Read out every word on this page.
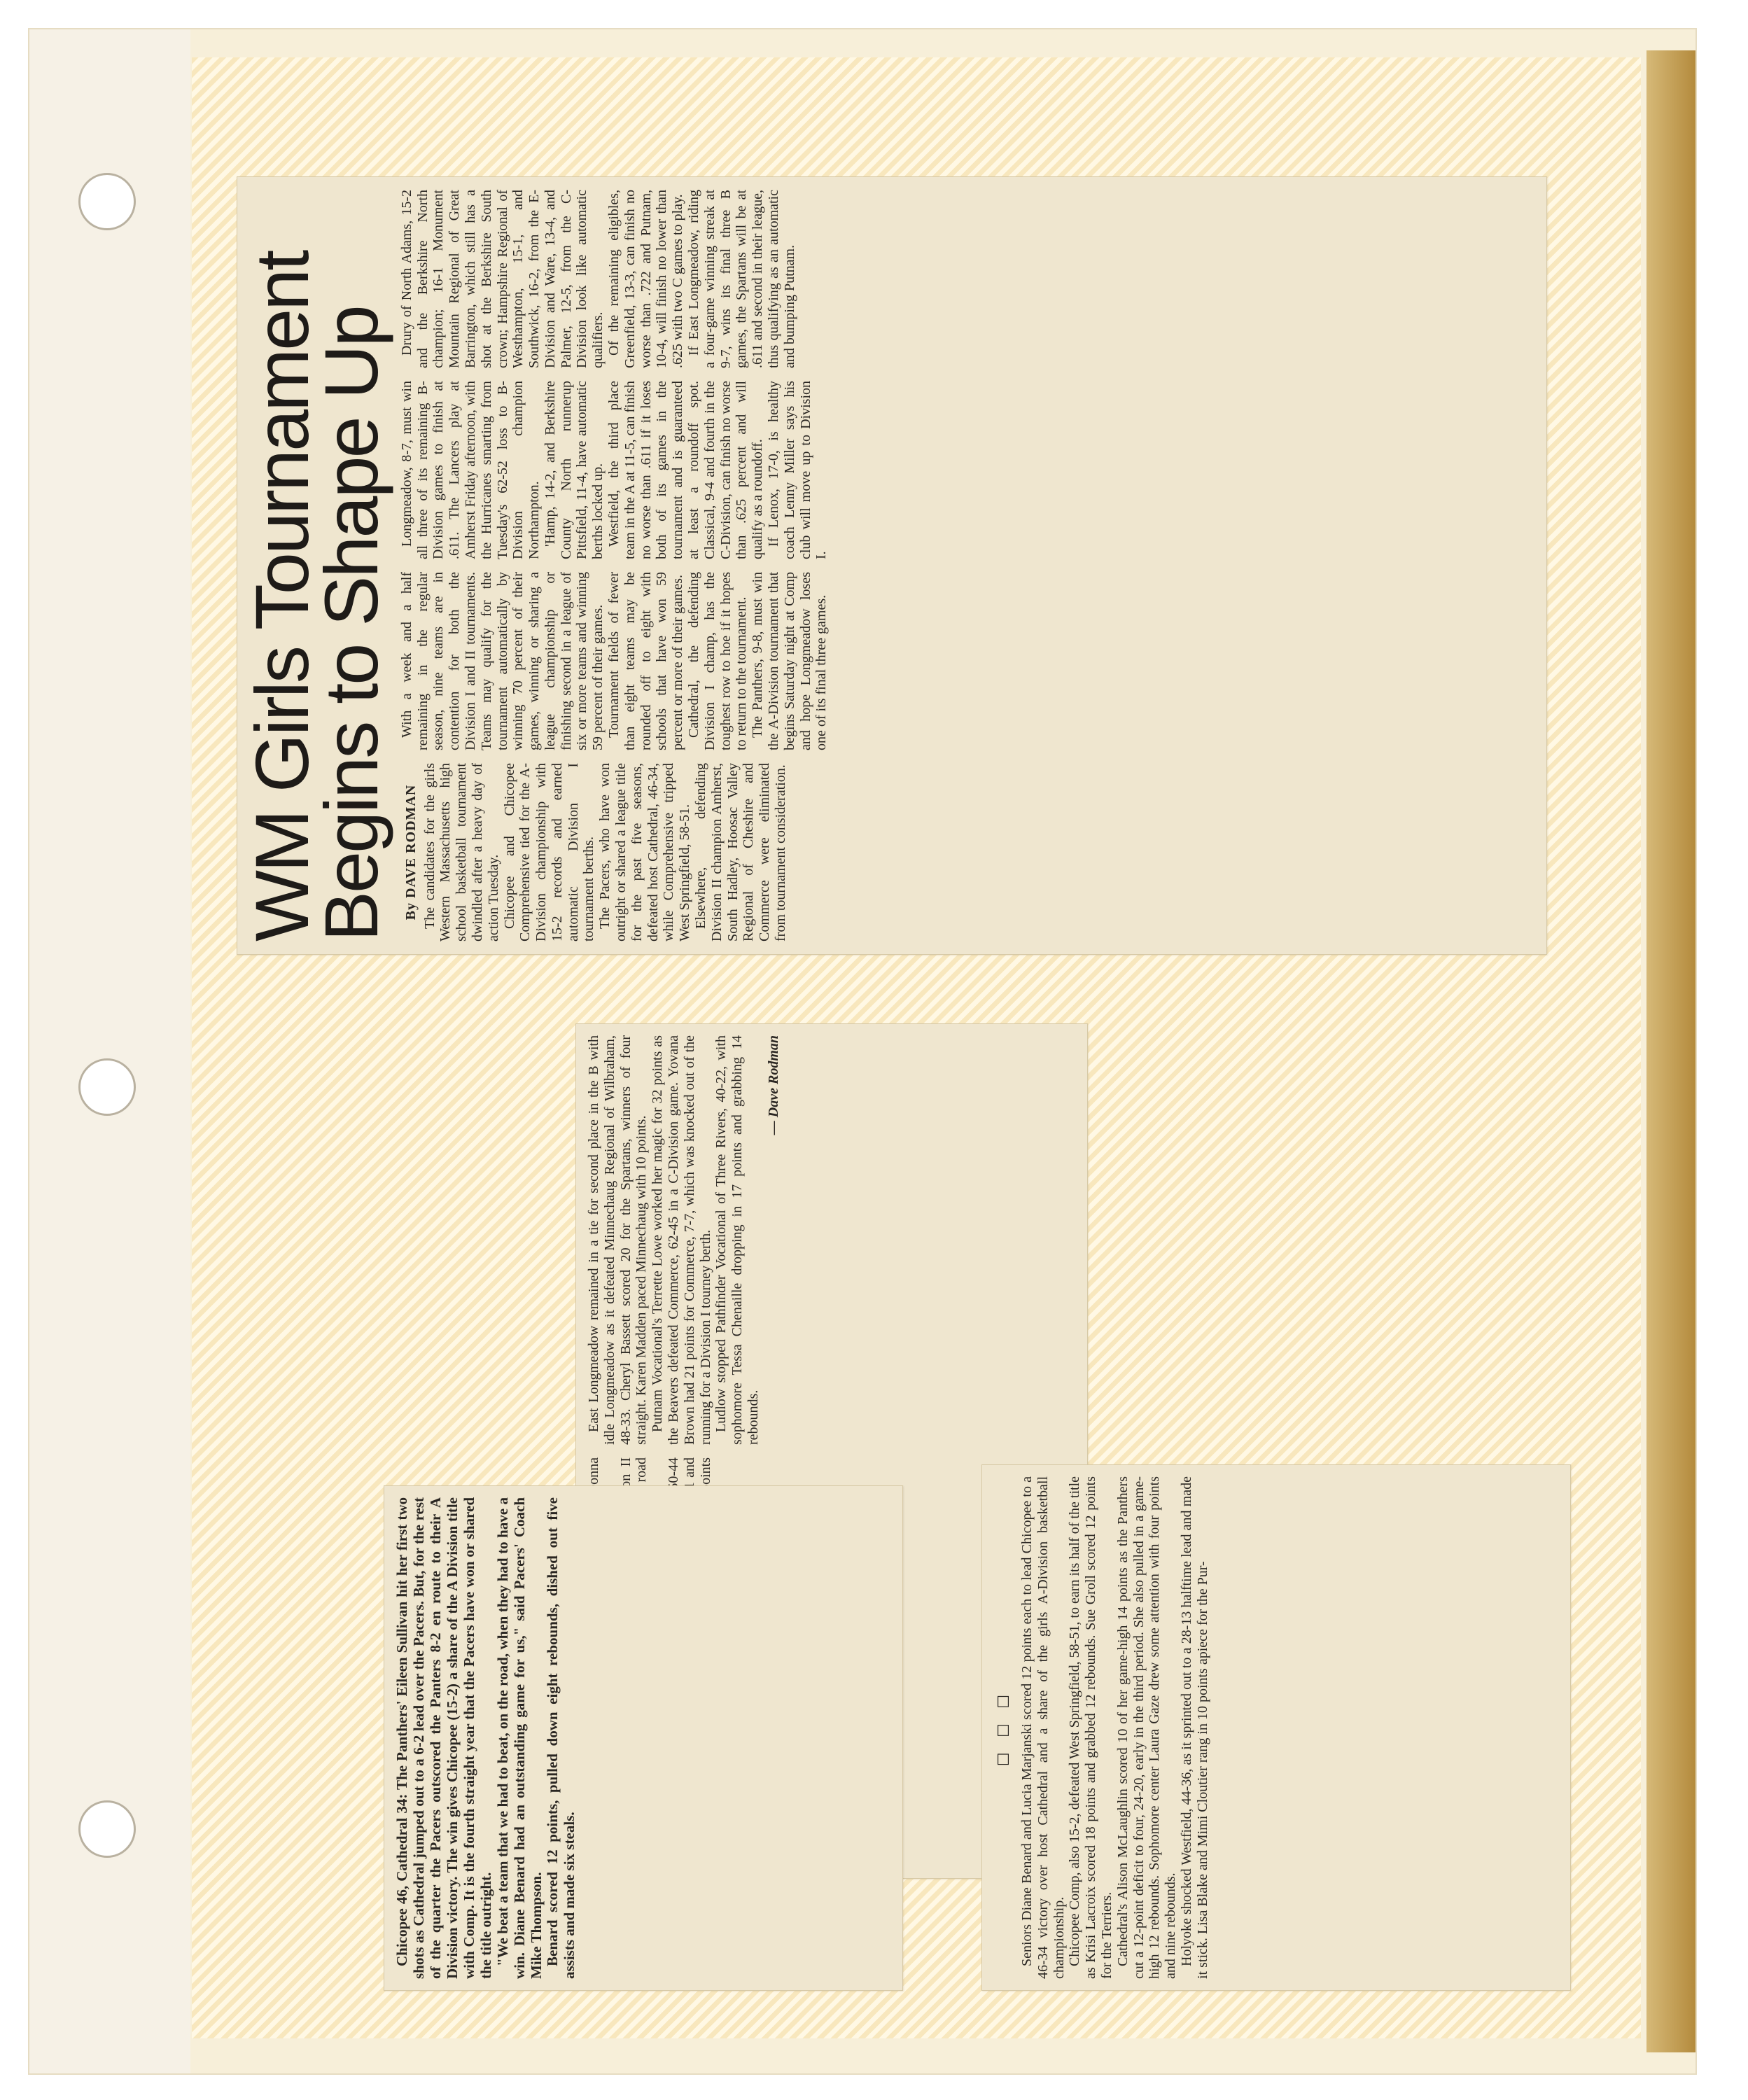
WM Girls Tournament
Begins to Shape Up By DAVE RODMAN The candidates for the girls Western Massachusetts high school basketball tournament dwindled after a heavy day of action Tuesday. Chicopee and Chicopee Comprehensive tied for the A-Division championship with 15-2 records and earned automatic Division I tournament berths. The Pacers, who have won outright or shared a league title for the past five seasons, defeated host Cathedral, 46-34, while Comprehensive tripped West Springfield, 58-51. Elsewhere, defending Division II champion Amherst, South Hadley, Hoosac Valley Regional of Cheshire and Commerce were eliminated from tournament consideration.

With a week and a half remaining in the regular season, nine teams are in contention for both the Division I and II tournaments. Teams may qualify for the tournament automatically by winning 70 percent of their games, winning or sharing a league championship or finishing second in a league of six or more teams and winning 59 percent of their games. Tournament fields of fewer than eight teams may be rounded off to eight with schools that have won 59 percent or more of their games. Cathedral, the defending Division I champ, has the toughest row to hoe if it hopes to return to the tournament. The Panthers, 9-8, must win the A-Division tournament that begins Saturday night at Comp and hope Longmeadow loses one of its final three games.

Longmeadow, 8-7, must win all three of its remaining B-Division games to finish at .611. The Lancers play at Amherst Friday afternoon, with the Hurricanes smarting from Tuesday's 62-52 loss to B-Division champion Northampton. 'Hamp, 14-2, and Berkshire County North runnerup Pittsfield, 11-4, have automatic berths locked up. Westfield, the third place team in the A at 11-5, can finish no worse than .611 if it loses both of its games in the tournament and is guaranteed at least a roundoff spot. Classical, 9-4 and fourth in the C-Division, can finish no worse than .625 percent and will qualify as a roundoff. If Lenox, 17-0, is healthy coach Lenny Miller says his club will move up to Division I.

Drury of North Adams, 15-2 and the Berkshire North champion; 16-1 Monument Mountain Regional of Great Barrington, which still has a shot at the Berkshire South crown; Hampshire Regional of Westhampton, 15-1, and Southwick, 16-2, from the E-Division and Ware, 13-4, and Palmer, 12-5, from the C-Division look like automatic qualifiers. Of the remaining eligibles, Greenfield, 13-3, can finish no worse than .722 and Putnam, 10-4, will finish no lower than .625 with two C games to play. If East Longmeadow, riding a four-game winning streak at 9-7, wins its final three B games, the Spartans will be at .611 and second in their league, thus qualifying as an automatic and bumping Putnam.

East Longmeadow remained in a tie for second place in the B with idle Longmeadow as it defeated Minnechaug Regional of Wilbraham, 48-33. Cheryl Bassett scored 20 for the Spartans, winners of four straight. Karen Madden paced Minnechaug with 10 points. Putnam Vocational's Terrette Lowe worked her magic for 32 points as the Beavers defeated Commerce, 62-45 in a C-Division game. Yovana Brown had 21 points for Commerce, 7-7, which was knocked out of the running for a Division I tourney berth. Ludlow stopped Pathfinder Vocational of Three Rivers, 40-22, with sophomore Tessa Chenaille dropping in 17 points and grabbing 14 rebounds.

— Dave Rodman

Chicopee 46, Cathedral 34: The Panthers' Eileen Sullivan hit her first two shots as Cathedral jumped out to a 6-2 lead over the Pacers. But, for the rest of the quarter the Pacers outscored the Panters 8-2 en route to their A Division victory. The win gives Chicopee (15-2) a share of the A Division title with Comp. It is the fourth straight year that the Pacers have won or shared the title outright. "We beat a team that we had to beat, on the road, when they had to have a win. Diane Benard had an outstanding game for us," said Pacers' Coach Mike Thompson. Benard scored 12 points, pulled down eight rebounds, dished out five assists and made six steals.

☐ ☐ ☐ Seniors Diane Benard and Lucia Marjanski scored 12 points each to lead Chicopee to a 46-34 victory over host Cathedral and a share of the girls A-Division basketball championship. Chicopee Comp, also 15-2, defeated West Springfield, 58-51, to earn its half of the title as Krisi Lacroix scored 18 points and grabbed 12 rebounds. Sue Groll scored 12 points for the Terriers. Cathedral's Alison McLaughlin scored 10 of her game-high 14 points as the Panthers cut a 12-point deficit to four, 24-20, early in the third period. She also pulled in a game-high 12 rebounds. Sophomore center Laura Gaze drew some attention with four points and nine rebounds. Holyoke shocked Westfield, 44-36, as it sprinted out to a 28-13 halftime lead and made it stick. Lisa Blake and Mimi Cloutier rang in 10 points apiece for the Pur-
